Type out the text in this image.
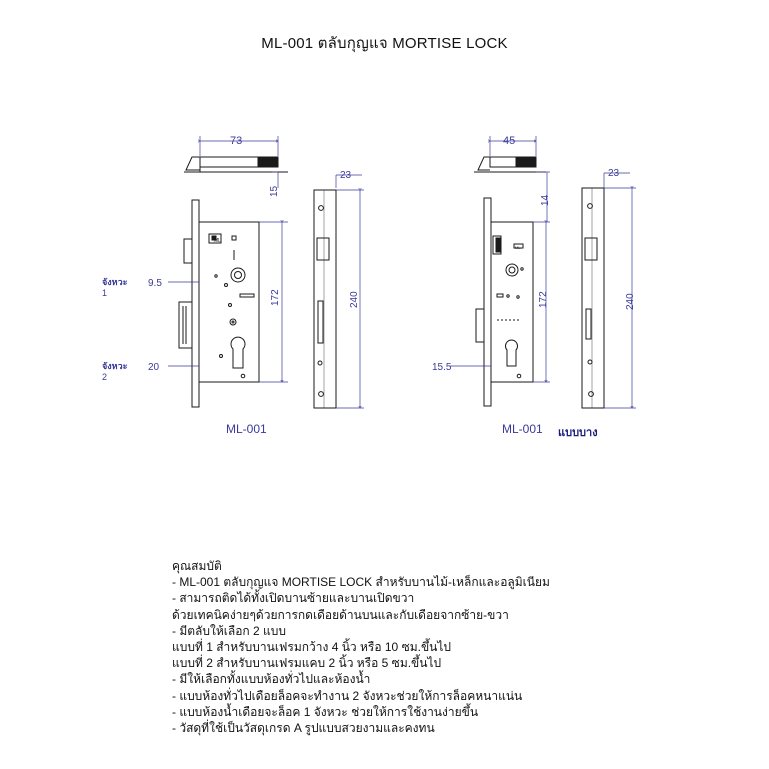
ML-001 ตลับกุญแจ MORTISE LOCK
73
15
23
172	240
9.5
20
ML
45
14
23
172	240
15.5
ML
จังหวะ
1
จังหวะ
2
ML-001	ML-001 แบบบาง
คุณสมบัติ
- ML-001 ตลับกุญแจ MORTISE LOCK สำหรับบานไม้-เหล็กและอลูมิเนียม
- สามารถติดได้ทั้งเปิดบานซ้ายและบานเปิดขวา
ด้วยเทคนิคง่ายๆด้วยการกดเดือยด้านบนและกับเดือยจากซ้าย-ขวา
- มีตลับให้เลือก 2 แบบ
แบบที่ 1 สำหรับบานเฟรมกว้าง 4 นิ้ว หรือ 10 ซม.ขึ้นไป
แบบที่ 2 สำหรับบานเฟรมแคบ 2 นิ้ว หรือ 5 ซม.ขึ้นไป
- มีให้เลือกทั้งแบบห้องทั่วไปและห้องน้ำ
- แบบห้องทั่วไปเดือยล็อคจะทำงาน 2 จังหวะช่วยให้การล็อคหนาแน่น
- แบบห้องน้ำเดือยจะล็อค 1 จังหวะ ช่วยให้การใช้งานง่ายขึ้น
- วัสดุที่ใช้เป็นวัสดุเกรด A รูปแบบสวยงามและคงทน
